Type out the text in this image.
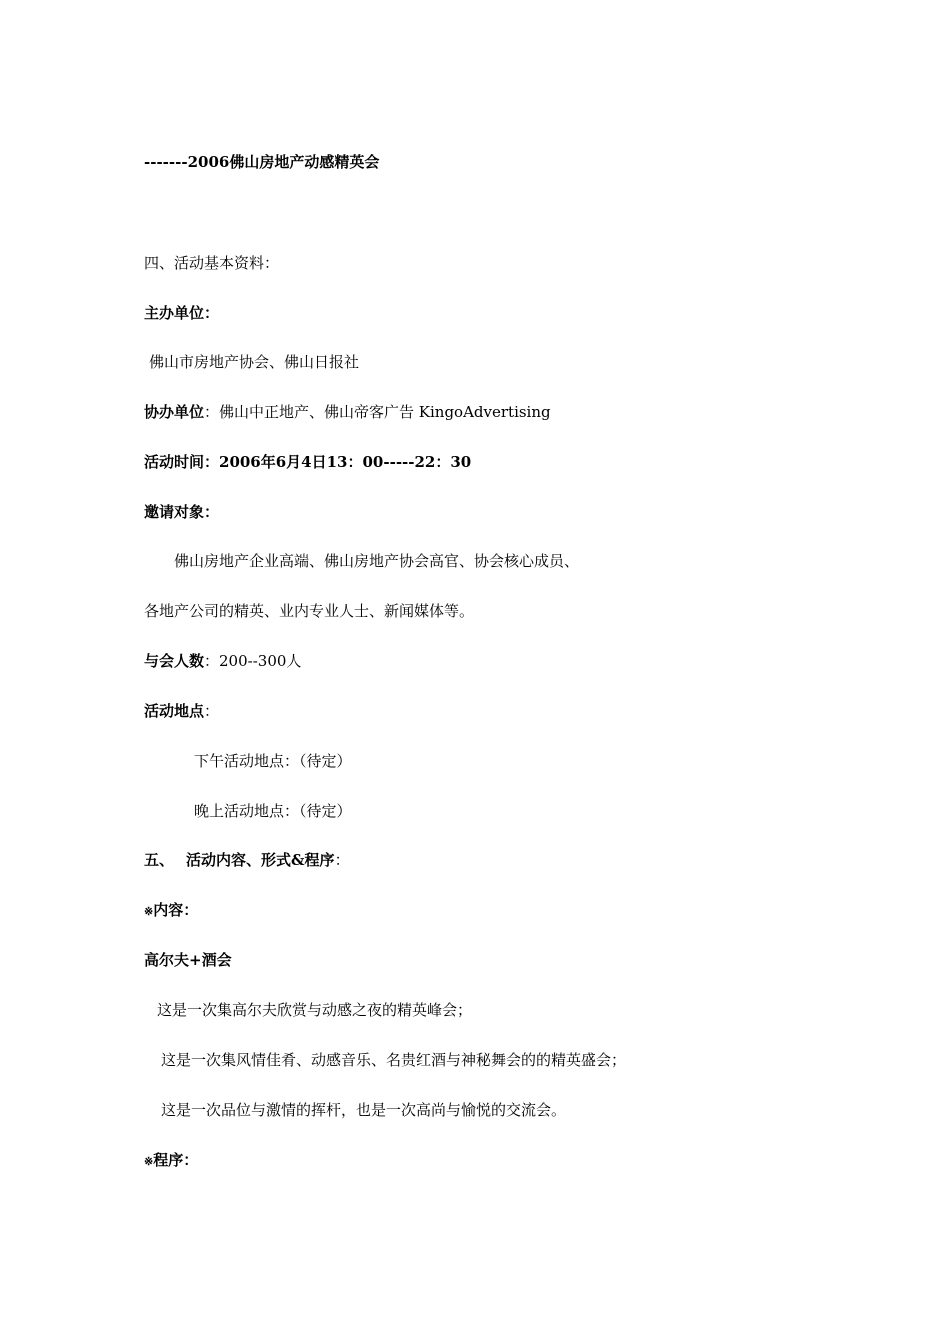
-------2006佛山房地产动感精英会
四、活动基本资料：
主办单位：
佛山市房地产协会、佛山日报社
协办单位：佛山中正地产、佛山帝客广告 KingoAdvertising
活动时间：2006年6月4日13：00-----22：30
邀请对象：
佛山房地产企业高端、佛山房地产协会高官、协会核心成员、
各地产公司的精英、业内专业人士、新闻媒体等。
与会人数：200--300人
活动地点：
下午活动地点：（待定）
晚上活动地点：（待定）
五、 活动内容、形式&程序：
※内容：
高尔夫+酒会
这是一次集高尔夫欣赏与动感之夜的精英峰会；
这是一次集风情佳肴、动感音乐、名贵红酒与神秘舞会的的精英盛会；
这是一次品位与激情的挥杆，也是一次高尚与愉悦的交流会。
※程序：
